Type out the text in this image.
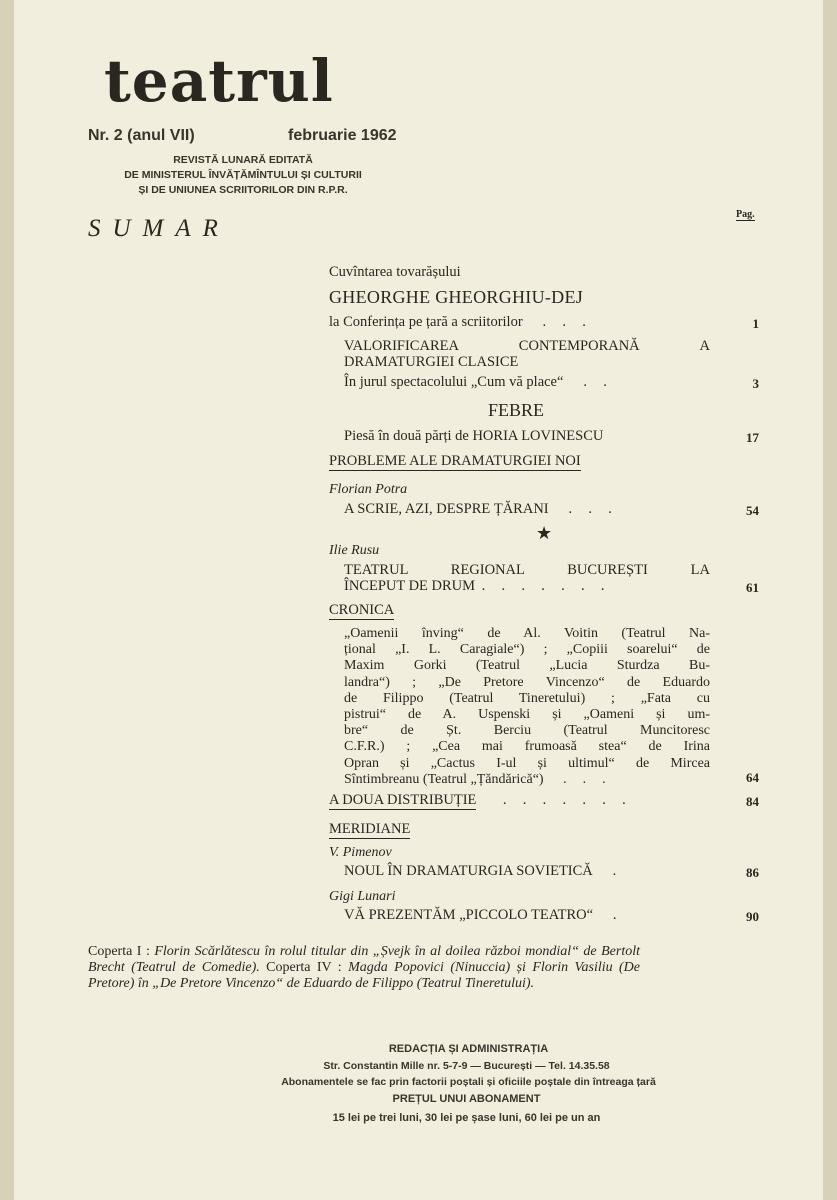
teatrul
Nr. 2 (anul VII)	februarie 1962
REVISTĂ LUNARĂ EDITATĂ
DE MINISTERUL ÎNVĂȚĂMÎNTULUI ȘI CULTURII
ȘI DE UNIUNEA SCRIITORILOR DIN R.P.R.
SUMAR
Pag.
Cuvîntarea tovarășului
GHEORGHE GHEORGHIU-DEJ
la Conferința pe țară a scriitorilor   .  .  .	1
VALORIFICAREA CONTEMPORANĂ A
DRAMATURGIEI CLASICE
În jurul spectacolului „Cum vă place“   .  .	3
FEBRE
Piesă în două părți de HORIA LOVINESCU	17
PROBLEME ALE DRAMATURGIEI NOI
Florian Potra
A SCRIE, AZI, DESPRE ȚĂRANI   .  .  .	54
★
Ilie Rusu
TEATRUL REGIONAL BUCUREȘTI LA
ÎNCEPUT DE DRUM .  .  .  .  .  .  .	61
CRONICA
„Oamenii înving“ de Al. Voitin (Teatrul Na-
țional „I. L. Caragiale“) ; „Copiii soarelui“ de
Maxim Gorki (Teatrul „Lucia Sturdza Bu-
landra“) ; „De Pretore Vincenzo“ de Eduardo
de Filippo (Teatrul Tineretului) ; „Fata cu
pistrui“ de A. Uspenski și „Oameni și um-
bre“ de Șt. Berciu (Teatrul Muncitoresc
C.F.R.) ; „Cea mai frumoasă stea“ de Irina
Opran și „Cactus I-ul și ultimul“ de Mircea
Sîntimbreanu (Teatrul „Țăndărică“)   .  .  .	64
A DOUA DISTRIBUȚIE    .  .  .  .  .  .  .	84
MERIDIANE
V. Pimenov
NOUL ÎN DRAMATURGIA SOVIETICĂ   .	86
Gigi Lunari
VĂ PREZENTĂM „PICCOLO TEATRO“   .	90
Coperta I : Florin Scărlătescu în rolul titular din „Șvejk în al doilea război mondial“ de Bertolt Brecht (Teatrul de Comedie). Coperta IV : Magda Popovici (Ninuccia) și Florin Vasiliu (De Pretore) în „De Pretore Vincenzo“ de Eduardo de Filippo (Teatrul Tineretului).
REDACȚIA ȘI ADMINISTRAȚIA
Str. Constantin Mille nr. 5-7-9 — București — Tel. 14.35.58
Abonamentele se fac prin factorii poștali și oficiile poștale din întreaga țară
PREȚUL UNUI ABONAMENT
15 lei pe trei luni, 30 lei pe șase luni, 60 lei pe un an
